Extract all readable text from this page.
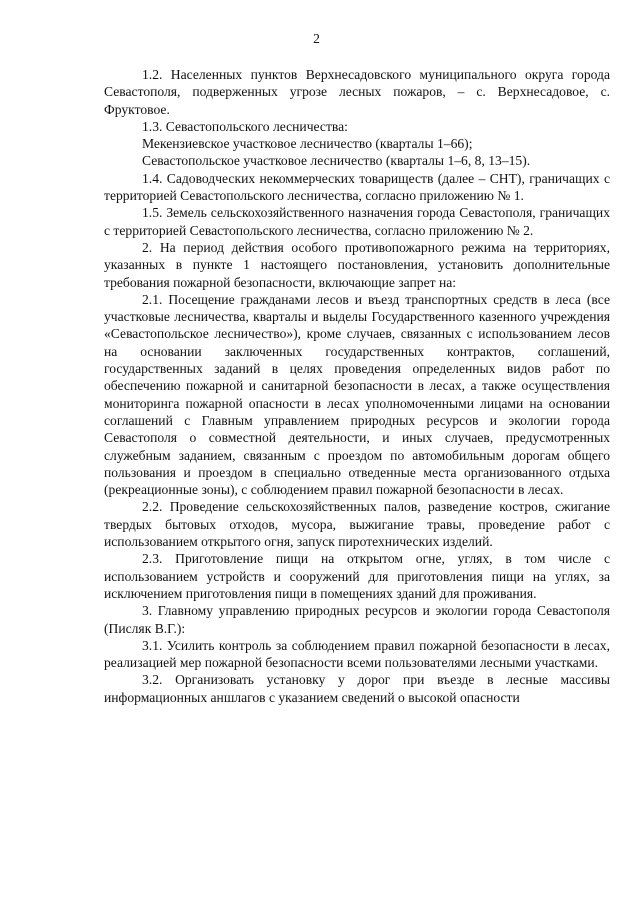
2

1.2. Населенных пунктов Верхнесадовского муниципального округа города Севастополя, подверженных угрозе лесных пожаров, – с. Верхнесадовое, с. Фруктовое.

1.3. Севастопольского лесничества:

Мекензиевское участковое лесничество (кварталы 1–66);

Севастопольское участковое лесничество (кварталы 1–6, 8, 13–15).

1.4. Садоводческих некоммерческих товариществ (далее – СНТ), граничащих с территорией Севастопольского лесничества, согласно приложению № 1.

1.5. Земель сельскохозяйственного назначения города Севастополя, граничащих с территорией Севастопольского лесничества, согласно приложению № 2.

2. На период действия особого противопожарного режима на территориях, указанных в пункте 1 настоящего постановления, установить дополнительные требования пожарной безопасности, включающие запрет на:

2.1. Посещение гражданами лесов и въезд транспортных средств в леса (все участковые лесничества, кварталы и выделы Государственного казенного учреждения «Севастопольское лесничество»), кроме случаев, связанных с использованием лесов на основании заключенных государственных контрактов, соглашений, государственных заданий в целях проведения определенных видов работ по обеспечению пожарной и санитарной безопасности в лесах, а также осуществления мониторинга пожарной опасности в лесах уполномоченными лицами на основании соглашений с Главным управлением природных ресурсов и экологии города Севастополя о совместной деятельности, и иных случаев, предусмотренных служебным заданием, связанным с проездом по автомобильным дорогам общего пользования и проездом в специально отведенные места организованного отдыха (рекреационные зоны), с соблюдением правил пожарной безопасности в лесах.

2.2. Проведение сельскохозяйственных палов, разведение костров, сжигание твердых бытовых отходов, мусора, выжигание травы, проведение работ с использованием открытого огня, запуск пиротехнических изделий.

2.3. Приготовление пищи на открытом огне, углях, в том числе с использованием устройств и сооружений для приготовления пищи на углях, за исключением приготовления пищи в помещениях зданий для проживания.

3. Главному управлению природных ресурсов и экологии города Севастополя (Писляк В.Г.):

3.1. Усилить контроль за соблюдением правил пожарной безопасности в лесах, реализацией мер пожарной безопасности всеми пользователями лесными участками.

3.2. Организовать установку у дорог при въезде в лесные массивы информационных аншлагов с указанием сведений о высокой опасности
